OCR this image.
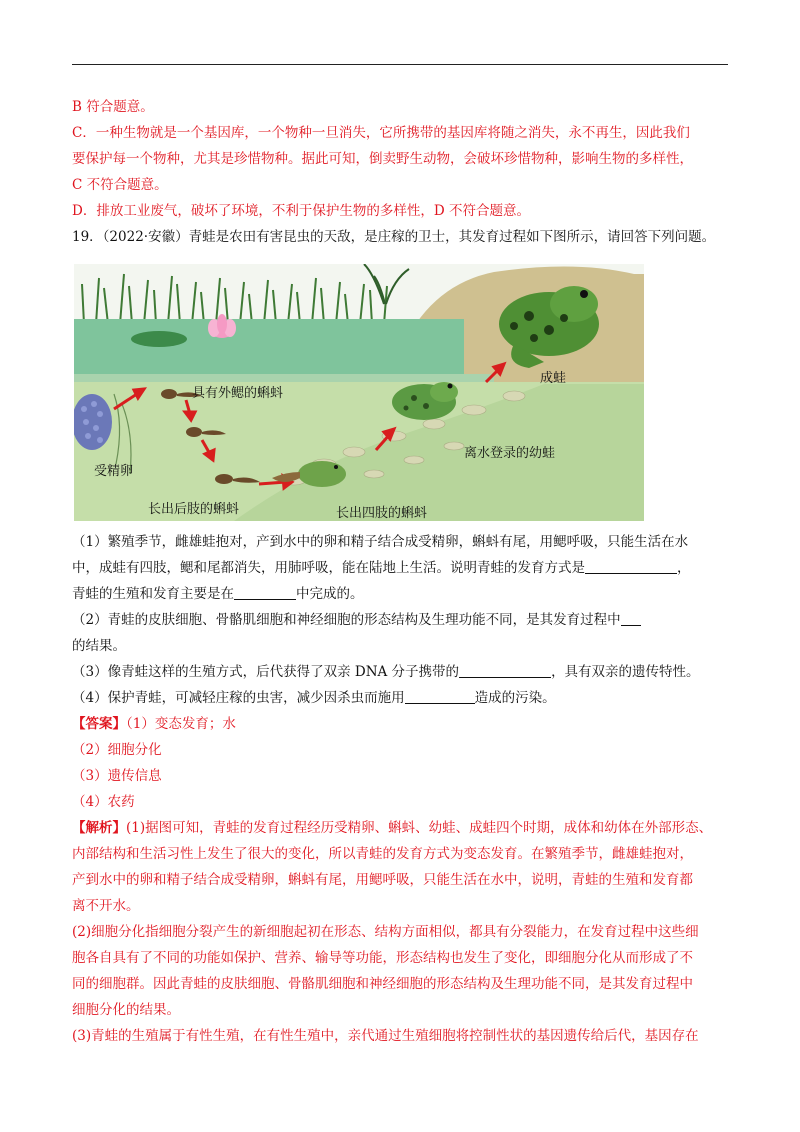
B 符合题意。
C．一种生物就是一个基因库，一个物种一旦消失，它所携带的基因库将随之消失，永不再生，因此我们
要保护每一个物种，尤其是珍惜物种。据此可知，倒卖野生动物，会破坏珍惜物种，影响生物的多样性，
C 不符合题意。
D．排放工业废气，破坏了环境，不利于保护生物的多样性，D 不符合题意。
19．（2022·安徽）青蛙是农田有害昆虫的天敌，是庄稼的卫士，其发育过程如下图所示，请回答下列问题。
具有外鳃的蝌蚪
成蛙
受精卵
离水登录的幼蛙
长出后肢的蝌蚪	长出四肢的蝌蚪
（1）繁殖季节，雌雄蛙抱对，产到水中的卵和精子结合成受精卵，蝌蚪有尾，用鳃呼吸，只能生活在水
中，成蛙有四肢，鳃和尾都消失，用肺呼吸，能在陆地上生活。说明青蛙的发育方式是	，
青蛙的生殖和发育主要是在	中完成的。
（2）青蛙的皮肤细胞、骨骼肌细胞和神经细胞的形态结构及生理功能不同，是其发育过程中
的结果。
（3）像青蛙这样的生殖方式，后代获得了双亲 DNA 分子携带的	，具有双亲的遗传特性。
（4）保护青蛙，可减轻庄稼的虫害，减少因杀虫而施用	造成的污染。
【答案】（1）变态发育；水
（2）细胞分化
（3）遗传信息
（4）农药
【解析】(1)据图可知，青蛙的发育过程经历受精卵、蝌蚪、幼蛙、成蛙四个时期，成体和幼体在外部形态、
内部结构和生活习性上发生了很大的变化，所以青蛙的发育方式为变态发育。在繁殖季节，雌雄蛙抱对，
产到水中的卵和精子结合成受精卵，蝌蚪有尾，用鳃呼吸，只能生活在水中，说明，青蛙的生殖和发育都
离不开水。
(2)细胞分化指细胞分裂产生的新细胞起初在形态、结构方面相似，都具有分裂能力，在发育过程中这些细
胞各自具有了不同的功能如保护、营养、输导等功能，形态结构也发生了变化，即细胞分化从而形成了不
同的细胞群。因此青蛙的皮肤细胞、骨骼肌细胞和神经细胞的形态结构及生理功能不同，是其发育过程中
细胞分化的结果。
(3)青蛙的生殖属于有性生殖，在有性生殖中，亲代通过生殖细胞将控制性状的基因遗传给后代，基因存在
